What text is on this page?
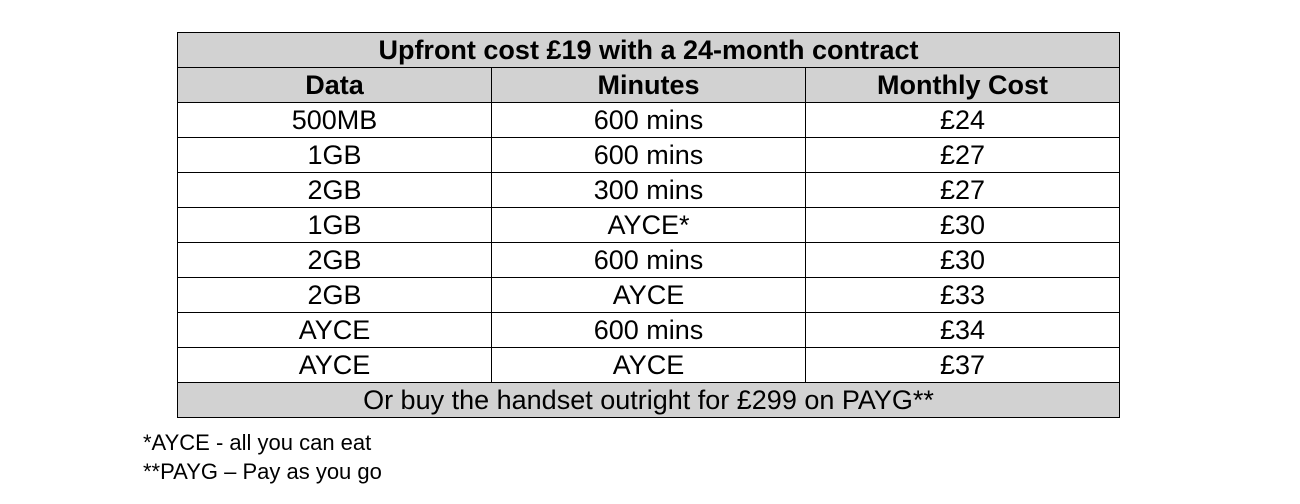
Upfront cost £19 with a 24-month contract		
Data	Minutes	Monthly Cost
500MB	600 mins	£24
1GB	600 mins	£27
2GB	300 mins	£27
1GB	AYCE*	£30
2GB	600 mins	£30
2GB	AYCE	£33
AYCE	600 mins	£34
AYCE	AYCE	£37
Or buy the handset outright for £299 on PAYG**		
*AYCE - all you can eat
**PAYG – Pay as you go
